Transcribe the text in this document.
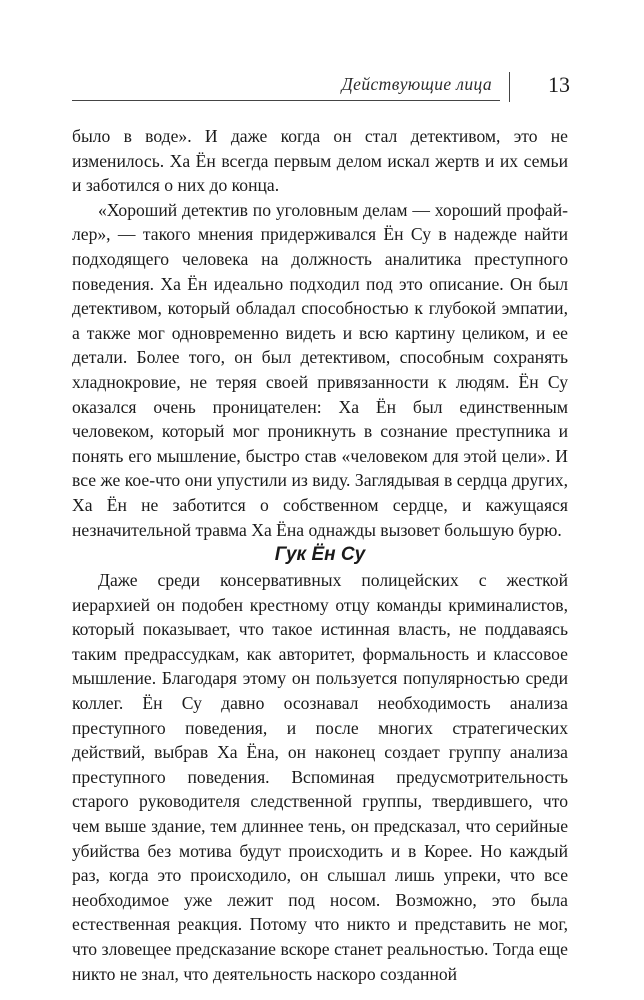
Действующие лица	13

было в воде». И даже когда он стал детективом, это не изменилось. Ха Ён всегда первым делом искал жертв и их семьи и заботился о них до конца.

«Хороший детектив по уголовным делам — хороший профайлер», — такого мнения придерживался Ён Су в надежде найти подходящего человека на должность аналитика преступного поведения. Ха Ён идеально подходил под это описание. Он был детективом, который обладал способностью к глубокой эмпатии, а также мог одновременно видеть и всю картину целиком, и ее детали. Более того, он был детективом, способным сохранять хладнокровие, не теряя своей привязанности к людям. Ён Су оказался очень проницателен: Ха Ён был единственным человеком, который мог проникнуть в сознание преступника и понять его мышление, быстро став «человеком для этой цели». И все же кое-что они упустили из виду. Заглядывая в сердца других, Ха Ён не заботится о собственном сердце, и кажущаяся незначительной травма Ха Ёна однажды вызовет большую бурю.

Гук Ён Су

Даже среди консервативных полицейских с жесткой иерархией он подобен крестному отцу команды криминалистов, который показывает, что такое истинная власть, не поддаваясь таким предрассудкам, как авторитет, формальность и классовое мышление. Благодаря этому он пользуется популярностью среди коллег. Ён Су давно осознавал необходимость анализа преступного поведения, и после многих стратегических действий, выбрав Ха Ёна, он наконец создает группу анализа преступного поведения. Вспоминая предусмотрительность старого руководителя следственной группы, твердившего, что чем выше здание, тем длиннее тень, он предсказал, что серийные убийства без мотива будут происходить и в Корее. Но каждый раз, когда это происходило, он слышал лишь упреки, что все необходимое уже лежит под носом. Возможно, это была естественная реакция. Потому что никто и представить не мог, что зловещее предсказание вскоре станет реальностью. Тогда еще никто не знал, что деятельность наскоро созданной
